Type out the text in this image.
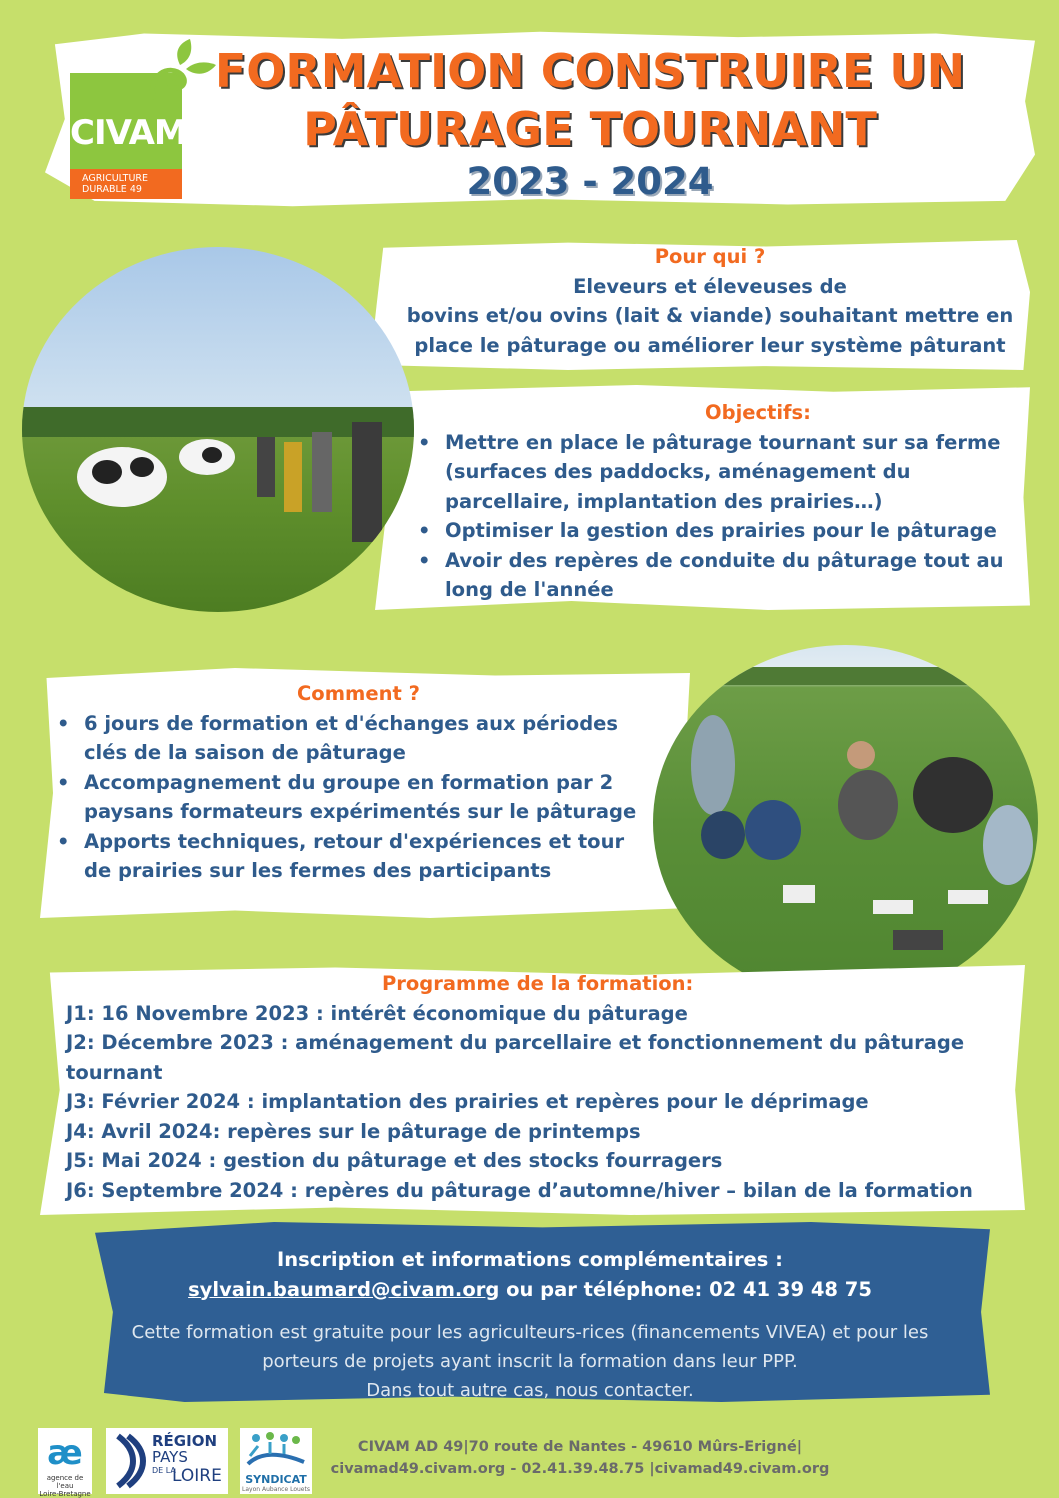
CIVAM
AGRICULTURE
DURABLE 49
FORMATION CONSTRUIRE UN
PÂTURAGE TOURNANT
2023 - 2024
Pour qui ?
Eleveurs et éleveuses de
bovins et/ou ovins (lait & viande) souhaitant mettre en
place le pâturage ou améliorer leur système pâturant
Objectifs:
• Mettre en place le pâturage tournant sur sa ferme (surfaces des paddocks, aménagement du parcellaire, implantation des prairies…)
• Optimiser la gestion des prairies pour le pâturage
• Avoir des repères de conduite du pâturage tout au long de l'année
Comment ?
• 6 jours de formation et d'échanges aux périodes clés de la saison de pâturage
• Accompagnement du groupe en formation par 2 paysans formateurs expérimentés sur le pâturage
• Apports techniques, retour d'expériences et tour de prairies sur les fermes des participants
Programme de la formation:
J1: 16 Novembre 2023 : intérêt économique du pâturage
J2: Décembre 2023 : aménagement du parcellaire et fonctionnement du pâturage tournant
J3: Février 2024 : implantation des prairies et repères pour le déprimage
J4: Avril 2024: repères sur le pâturage de printemps
J5: Mai 2024 : gestion du pâturage et des stocks fourragers
J6: Septembre 2024 : repères du pâturage d’automne/hiver – bilan de la formation
Inscription et informations complémentaires :
sylvain.baumard@civam.org ou par téléphone: 02 41 39 48 75
Cette formation est gratuite pour les agriculteurs-rices (financements VIVEA) et pour les
porteurs de projets ayant inscrit la formation dans leur PPP.
Dans tout autre cas, nous contacter.
æ
agence de l'eau
Loire-Bretagne
RÉGION
PAYS
DE LA
LOIRE	SYNDICAT
Layon Aubance Louets
CIVAM AD 49|70 route de Nantes - 49610 Mûrs-Erigné|
civamad49.civam.org - 02.41.39.48.75 |civamad49.civam.org
